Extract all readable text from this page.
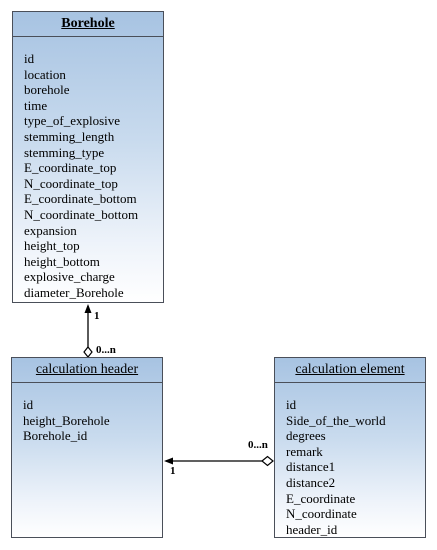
1
0...n
1
0...n
Borehole
id
location
borehole
time
type_of_explosive
stemming_length
stemming_type
E_coordinate_top
N_coordinate_top
E_coordinate_bottom
N_coordinate_bottom
expansion
height_top
height_bottom
explosive_charge
diameter_Borehole
calculation header
id
height_Borehole
Borehole_id
calculation element
id
Side_of_the_world
degrees
remark
distance1
distance2
E_coordinate
N_coordinate
header_id
